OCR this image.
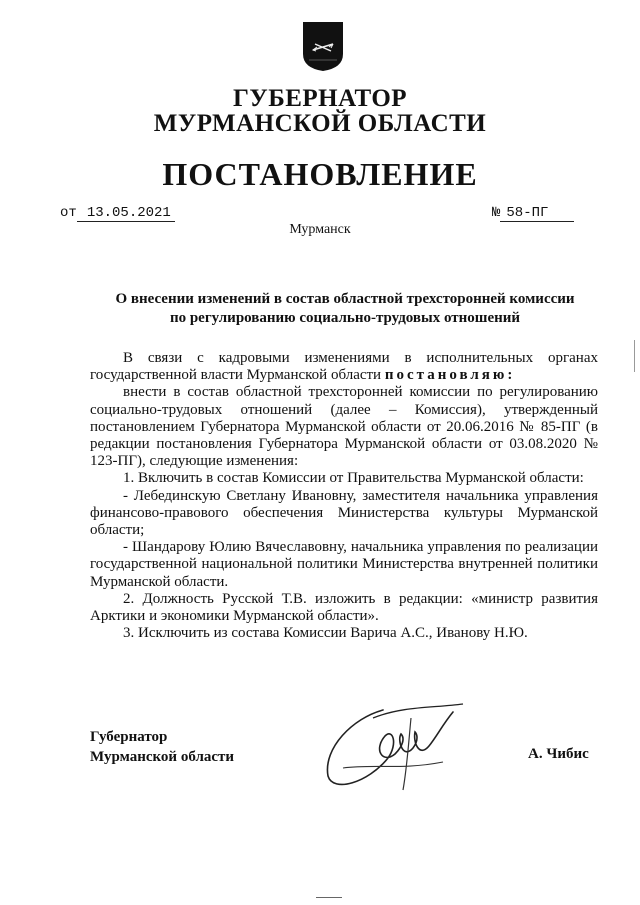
ГУБЕРНАТОР
МУРМАНСКОЙ ОБЛАСТИ
ПОСТАНОВЛЕНИЕ
от 13.05.2021	№ 58-ПГ
Мурманск
О внесении изменений в состав областной трехсторонней комиссии
по регулированию социально-трудовых отношений

В связи с кадровыми изменениями в исполнительных органах государственной власти Мурманской области постановляю:

внести в состав областной трехсторонней комиссии по регулированию социально-трудовых отношений (далее – Комиссия), утвержденный постановлением Губернатора Мурманской области от 20.06.2016 № 85-ПГ (в редакции постановления Губернатора Мурманской области от 03.08.2020 № 123-ПГ), следующие изменения:

1. Включить в состав Комиссии от Правительства Мурманской области:

- Лебединскую Светлану Ивановну, заместителя начальника управления финансово-правового обеспечения Министерства культуры Мурманской области;

- Шандарову Юлию Вячеславовну, начальника управления по реализации государственной национальной политики Министерства внутренней политики Мурманской области.

2. Должность Русской Т.В. изложить в редакции: «министр развития Арктики и экономики Мурманской области».

3. Исключить из состава Комиссии Варича А.С., Иванову Н.Ю.

Губернатор
Мурманской области	А. Чибис
